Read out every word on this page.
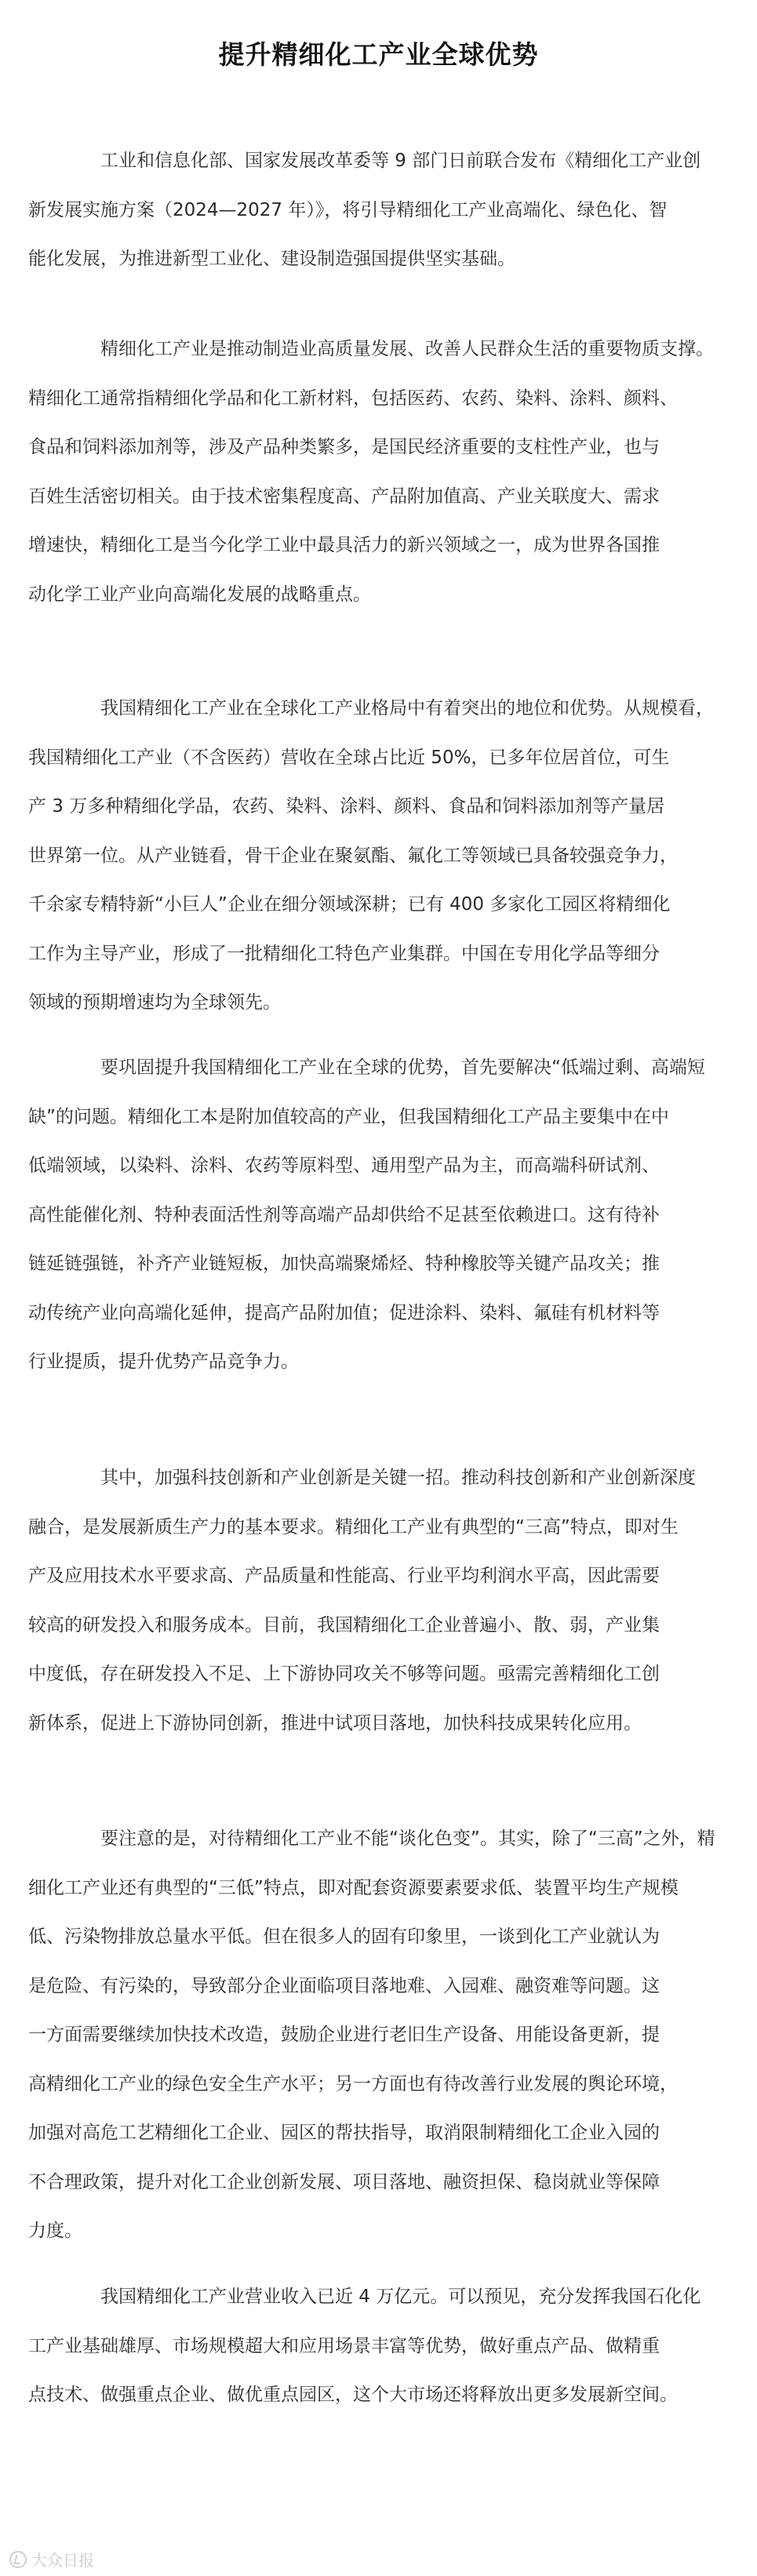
提升精细化工产业全球优势
工业和信息化部、国家发展改革委等 9 部门日前联合发布《精细化工产业创
新发展实施方案（2024—2027 年）》，将引导精细化工产业高端化、绿色化、智
能化发展，为推进新型工业化、建设制造强国提供坚实基础。
精细化工产业是推动制造业高质量发展、改善人民群众生活的重要物质支撑。
精细化工通常指精细化学品和化工新材料，包括医药、农药、染料、涂料、颜料、
食品和饲料添加剂等，涉及产品种类繁多，是国民经济重要的支柱性产业，也与
百姓生活密切相关。由于技术密集程度高、产品附加值高、产业关联度大、需求
增速快，精细化工是当今化学工业中最具活力的新兴领域之一，成为世界各国推
动化学工业产业向高端化发展的战略重点。
我国精细化工产业在全球化工产业格局中有着突出的地位和优势。从规模看，
我国精细化工产业（不含医药）营收在全球占比近 50%，已多年位居首位，可生
产 3 万多种精细化学品，农药、染料、涂料、颜料、食品和饲料添加剂等产量居
世界第一位。从产业链看，骨干企业在聚氨酯、氟化工等领域已具备较强竞争力，
千余家专精特新“小巨人”企业在细分领域深耕；已有 400 多家化工园区将精细化
工作为主导产业，形成了一批精细化工特色产业集群。中国在专用化学品等细分
领域的预期增速均为全球领先。
要巩固提升我国精细化工产业在全球的优势，首先要解决“低端过剩、高端短
缺”的问题。精细化工本是附加值较高的产业，但我国精细化工产品主要集中在中
低端领域，以染料、涂料、农药等原料型、通用型产品为主，而高端科研试剂、
高性能催化剂、特种表面活性剂等高端产品却供给不足甚至依赖进口。这有待补
链延链强链，补齐产业链短板，加快高端聚烯烃、特种橡胶等关键产品攻关；推
动传统产业向高端化延伸，提高产品附加值；促进涂料、染料、氟硅有机材料等
行业提质，提升优势产品竞争力。
其中，加强科技创新和产业创新是关键一招。推动科技创新和产业创新深度
融合，是发展新质生产力的基本要求。精细化工产业有典型的“三高”特点，即对生
产及应用技术水平要求高、产品质量和性能高、行业平均利润水平高，因此需要
较高的研发投入和服务成本。目前，我国精细化工企业普遍小、散、弱，产业集
中度低，存在研发投入不足、上下游协同攻关不够等问题。亟需完善精细化工创
新体系，促进上下游协同创新，推进中试项目落地，加快科技成果转化应用。
要注意的是，对待精细化工产业不能“谈化色变”。其实，除了“三高”之外，精
细化工产业还有典型的“三低”特点，即对配套资源要素要求低、装置平均生产规模
低、污染物排放总量水平低。但在很多人的固有印象里，一谈到化工产业就认为
是危险、有污染的，导致部分企业面临项目落地难、入园难、融资难等问题。这
一方面需要继续加快技术改造，鼓励企业进行老旧生产设备、用能设备更新，提
高精细化工产业的绿色安全生产水平；另一方面也有待改善行业发展的舆论环境，
加强对高危工艺精细化工企业、园区的帮扶指导，取消限制精细化工企业入园的
不合理政策，提升对化工企业创新发展、项目落地、融资担保、稳岗就业等保障
力度。
我国精细化工产业营业收入已近 4 万亿元。可以预见，充分发挥我国石化化
工产业基础雄厚、市场规模超大和应用场景丰富等优势，做好重点产品、做精重
点技术、做强重点企业、做优重点园区，这个大市场还将释放出更多发展新空间。
大众日报
